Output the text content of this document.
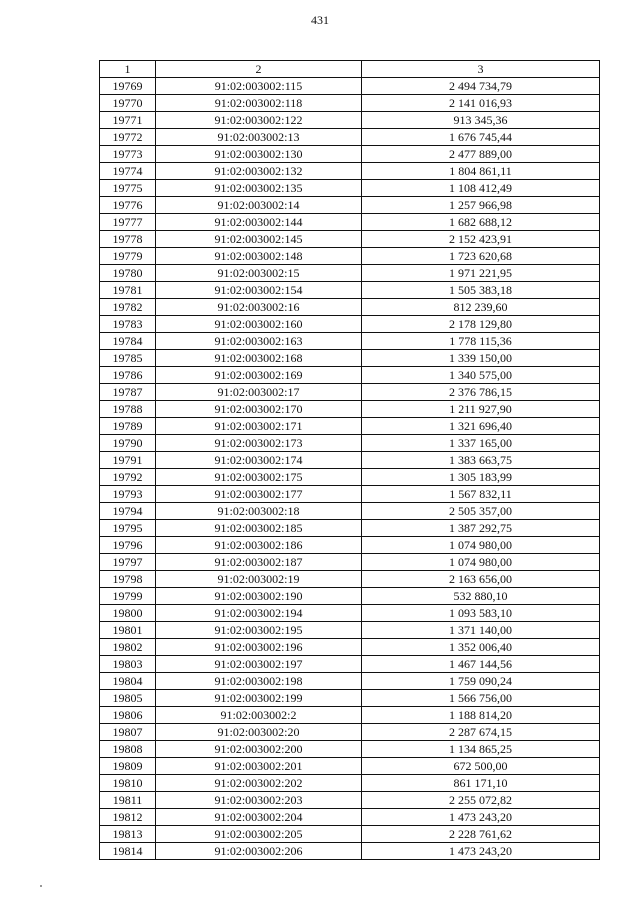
431
1	2	3
19769	91:02:003002:115	2 494 734,79
19770	91:02:003002:118	2 141 016,93
19771	91:02:003002:122	913 345,36
19772	91:02:003002:13	1 676 745,44
19773	91:02:003002:130	2 477 889,00
19774	91:02:003002:132	1 804 861,11
19775	91:02:003002:135	1 108 412,49
19776	91:02:003002:14	1 257 966,98
19777	91:02:003002:144	1 682 688,12
19778	91:02:003002:145	2 152 423,91
19779	91:02:003002:148	1 723 620,68
19780	91:02:003002:15	1 971 221,95
19781	91:02:003002:154	1 505 383,18
19782	91:02:003002:16	812 239,60
19783	91:02:003002:160	2 178 129,80
19784	91:02:003002:163	1 778 115,36
19785	91:02:003002:168	1 339 150,00
19786	91:02:003002:169	1 340 575,00
19787	91:02:003002:17	2 376 786,15
19788	91:02:003002:170	1 211 927,90
19789	91:02:003002:171	1 321 696,40
19790	91:02:003002:173	1 337 165,00
19791	91:02:003002:174	1 383 663,75
19792	91:02:003002:175	1 305 183,99
19793	91:02:003002:177	1 567 832,11
19794	91:02:003002:18	2 505 357,00
19795	91:02:003002:185	1 387 292,75
19796	91:02:003002:186	1 074 980,00
19797	91:02:003002:187	1 074 980,00
19798	91:02:003002:19	2 163 656,00
19799	91:02:003002:190	532 880,10
19800	91:02:003002:194	1 093 583,10
19801	91:02:003002:195	1 371 140,00
19802	91:02:003002:196	1 352 006,40
19803	91:02:003002:197	1 467 144,56
19804	91:02:003002:198	1 759 090,24
19805	91:02:003002:199	1 566 756,00
19806	91:02:003002:2	1 188 814,20
19807	91:02:003002:20	2 287 674,15
19808	91:02:003002:200	1 134 865,25
19809	91:02:003002:201	672 500,00
19810	91:02:003002:202	861 171,10
19811	91:02:003002:203	2 255 072,82
19812	91:02:003002:204	1 473 243,20
19813	91:02:003002:205	2 228 761,62
19814	91:02:003002:206	1 473 243,20
